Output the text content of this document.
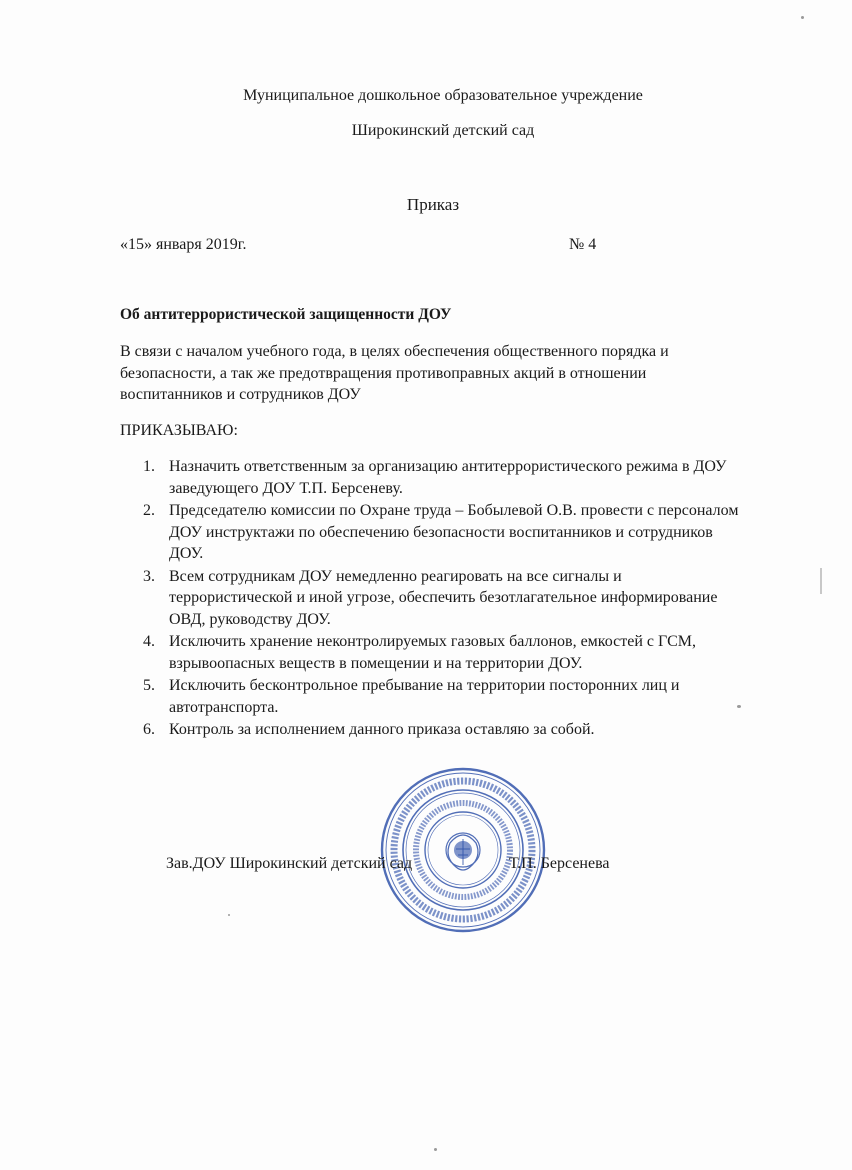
Муниципальное дошкольное образовательное учреждение
Широкинский детский сад
Приказ
«15» января 2019г.	№ 4
Об антитеррористической защищенности ДОУ
В связи с началом учебного года, в целях обеспечения общественного порядка и
безопасности, а так же предотвращения противоправных акций в отношении
воспитанников и сотрудников ДОУ
ПРИКАЗЫВАЮ:
1. Назначить ответственным за организацию антитеррористического режима в ДОУ
заведующего ДОУ Т.П. Берсеневу.
2. Председателю комиссии по Охране труда – Бобылевой О.В. провести с персоналом
ДОУ инструктажи по обеспечению безопасности воспитанников и сотрудников
ДОУ.
3. Всем сотрудникам ДОУ немедленно реагировать на все сигналы и
террористической и иной угрозе, обеспечить безотлагательное информирование
ОВД, руководству ДОУ.
4. Исключить хранение неконтролируемых газовых баллонов, емкостей с ГСМ,
взрывоопасных веществ в помещении и на территории ДОУ.
5. Исключить бесконтрольное пребывание на территории посторонних лиц и
автотранспорта.
6. Контроль за исполнением данного приказа оставляю за собой.
Зав.ДОУ Широкинский детский сад	Т.П. Берсенева
